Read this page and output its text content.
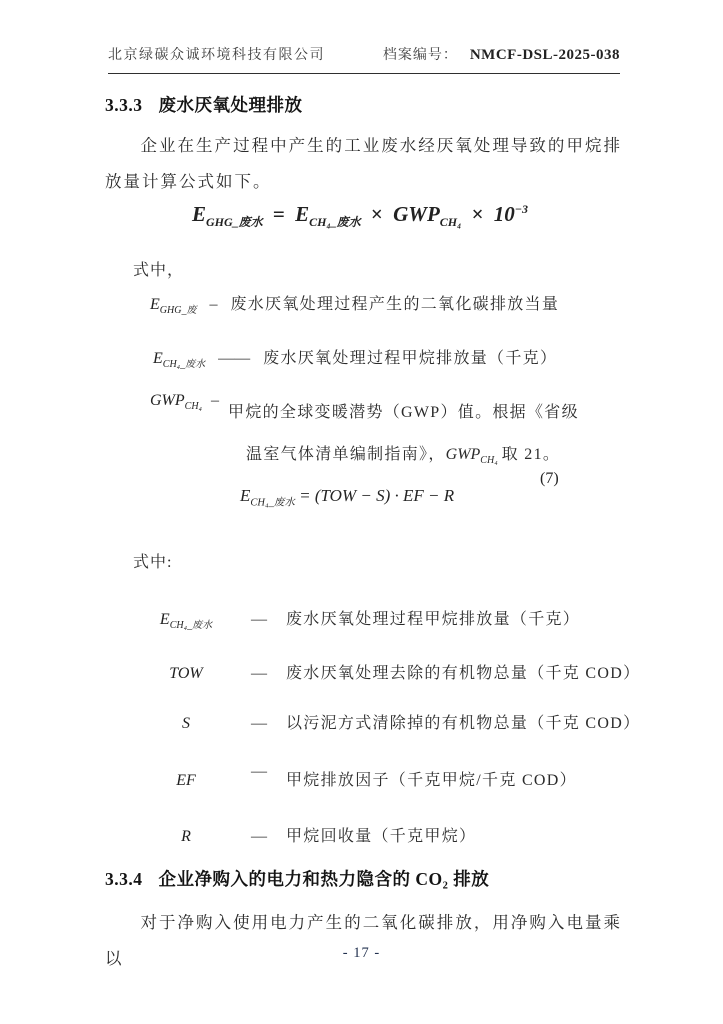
北京绿碳众诚环境科技有限公司	档案编号： NMCF-DSL-2025-038
3.3.3 废水厌氧处理排放

企业在生产过程中产生的工业废水经厌氧处理导致的甲烷排放量计算公式如下。

$E_{GHG\_废水} = E_{CH_4\_废水} \times GWP_{CH_4} \times 10^{-3}$
式中，
$E_{GHG\_废}$ – 废水厌氧处理过程产生的二氧化碳排放当量
$E_{CH_4\_废水}$ —— 废水厌氧处理过程甲烷排放量（千克）
$GWP_{CH_4}$ –
甲烷的全球变暖潜势（GWP）值。根据《省级
温室气体清单编制指南》，$GWP_{CH_4}$ 取 21。
(7)
$E_{CH_4\_废水} = (TOW - S)$ · EF − R
式中:
$E_{CH_4\_废水}$ — 废水厌氧处理过程甲烷排放量（千克）
TOW	— 废水厌氧处理去除的有机物总量（千克 COD）
S	— 以污泥方式清除掉的有机物总量（千克 COD）
EF — 甲烷排放因子（千克甲烷/千克 COD）
R	— 甲烷回收量（千克甲烷）
3.3.4 企业净购入的电力和热力隐含的 CO₂ 排放

对于净购入使用电力产生的二氧化碳排放，用净购入电量乘以	- 17 -
